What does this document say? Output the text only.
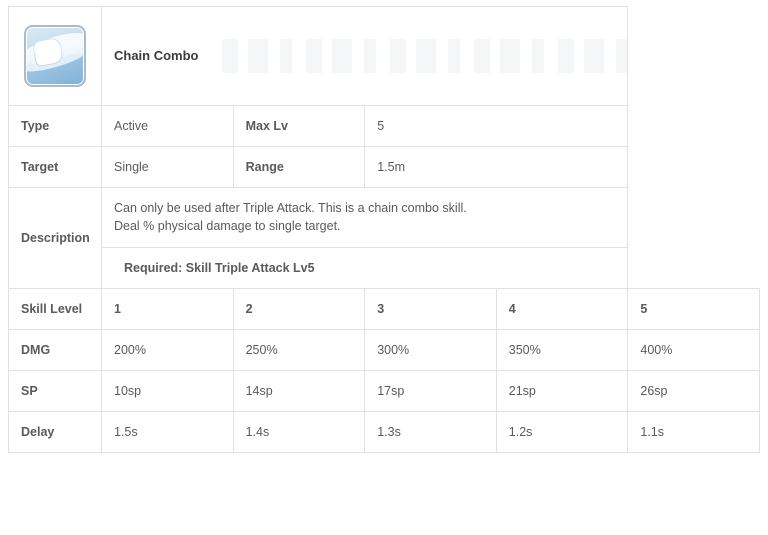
	Chain Combo				

Type	Active	Max Lv	5		
Target	Single	Range	1.5m		
Description	Can only be used after Triple Attack. This is a chain combo skill.
Deal % physical damage to single target.				

	Required: Skill Triple Attack Lv5				
Skill Level	1	2	3	4	5
DMG	200%	250%	300%	350%	400%
SP	10sp	14sp	17sp	21sp	26sp
Delay	1.5s	1.4s	1.3s	1.2s	1.1s
